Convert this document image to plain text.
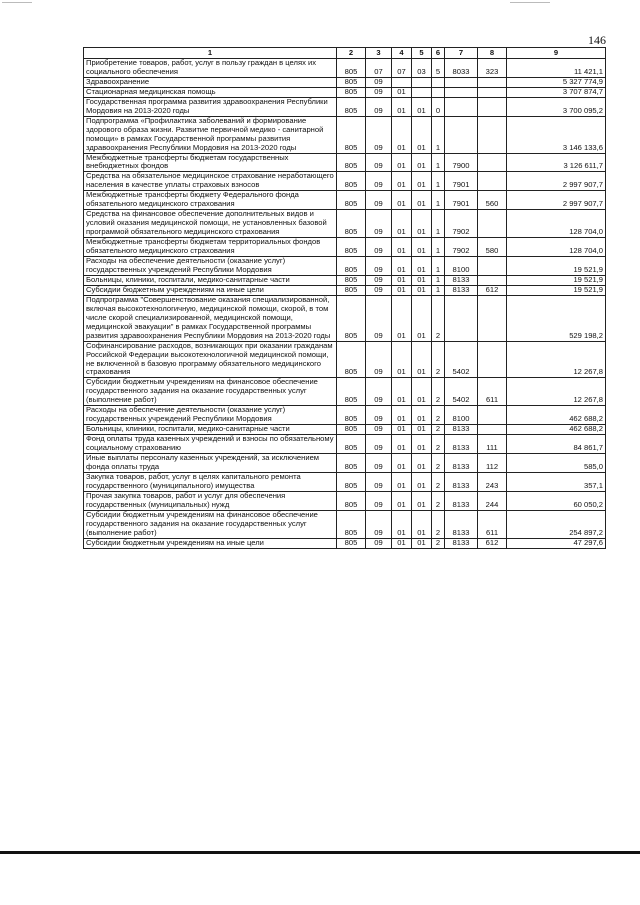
146
1	2	3	4	5	6	7	8	9
Приобретение товаров, работ, услуг в пользу граждан в целях их социального обеспечения	805	07	07	03	5	8033	323	11 421,1
Здравоохранение	805	09						5 327 774,9
Стационарная медицинская помощь	805	09	01					3 707 874,7
Государственная программа развития здравоохранения Республики Мордовия на 2013-2020 годы	805	09	01	01	0			3 700 095,2
Подпрограмма «Профилактика заболеваний и формирование здорового образа жизни. Развитие первичной медико - санитарной помощи» в рамках Государственной программы развития здравоохранения Республики Мордовия на 2013-2020 годы	805	09	01	01	1			3 146 133,6
Межбюджетные трансферты бюджетам государственных внебюджетных фондов	805	09	01	01	1	7900		3 126 611,7
Средства на обязательное медицинское страхование неработающего населения в качестве уплаты страховых взносов	805	09	01	01	1	7901		2 997 907,7
Межбюджетные трансферты бюджету Федерального фонда обязательного медицинского страхования	805	09	01	01	1	7901	560	2 997 907,7
Средства на финансовое обеспечение дополнительных видов и условий оказания медицинской помощи, не установленных базовой программой обязательного медицинского страхования	805	09	01	01	1	7902		128 704,0
Межбюджетные трансферты бюджетам территориальных фондов обязательного медицинского страхования	805	09	01	01	1	7902	580	128 704,0
Расходы на обеспечение деятельности (оказание услуг) государственных учреждений Республики Мордовия	805	09	01	01	1	8100		19 521,9
Больницы, клиники, госпитали, медико-санитарные части	805	09	01	01	1	8133		19 521,9
Субсидии бюджетным учреждениям на иные цели	805	09	01	01	1	8133	612	19 521,9
Подпрограмма "Совершенствование оказания специализированной, включая высокотехнологичную, медицинской помощи, скорой, в том числе скорой специализированной, медицинской помощи, медицинской эвакуации" в рамках Государственной программы развития здравоохранения Республики Мордовия на 2013-2020 годы	805	09	01	01	2			529 198,2
Софинансирование расходов, возникающих при оказании гражданам Российской Федерации высокотехнологичной медицинской помощи, не включенной в базовую программу обязательного медицинского страхования	805	09	01	01	2	5402		12 267,8
Субсидии бюджетным учреждениям на финансовое обеспечение государственного задания на оказание государственных услуг (выполнение работ)	805	09	01	01	2	5402	611	12 267,8
Расходы на обеспечение деятельности (оказание услуг) государственных учреждений Республики Мордовия	805	09	01	01	2	8100		462 688,2
Больницы, клиники, госпитали, медико-санитарные части	805	09	01	01	2	8133		462 688,2
Фонд оплаты труда казенных учреждений и взносы по обязательному социальному страхованию	805	09	01	01	2	8133	111	84 861,7
Иные выплаты персоналу казенных учреждений, за исключением фонда оплаты труда	805	09	01	01	2	8133	112	585,0
Закупка товаров, работ, услуг в целях капитального ремонта государственного (муниципального) имущества	805	09	01	01	2	8133	243	357,1
Прочая закупка товаров, работ и услуг для обеспечения государственных (муниципальных) нужд	805	09	01	01	2	8133	244	60 050,2
Субсидии бюджетным учреждениям на финансовое обеспечение государственного задания на оказание государственных услуг (выполнение работ)	805	09	01	01	2	8133	611	254 897,2
Субсидии бюджетным учреждениям на иные цели	805	09	01	01	2	8133	612	47 297,6
